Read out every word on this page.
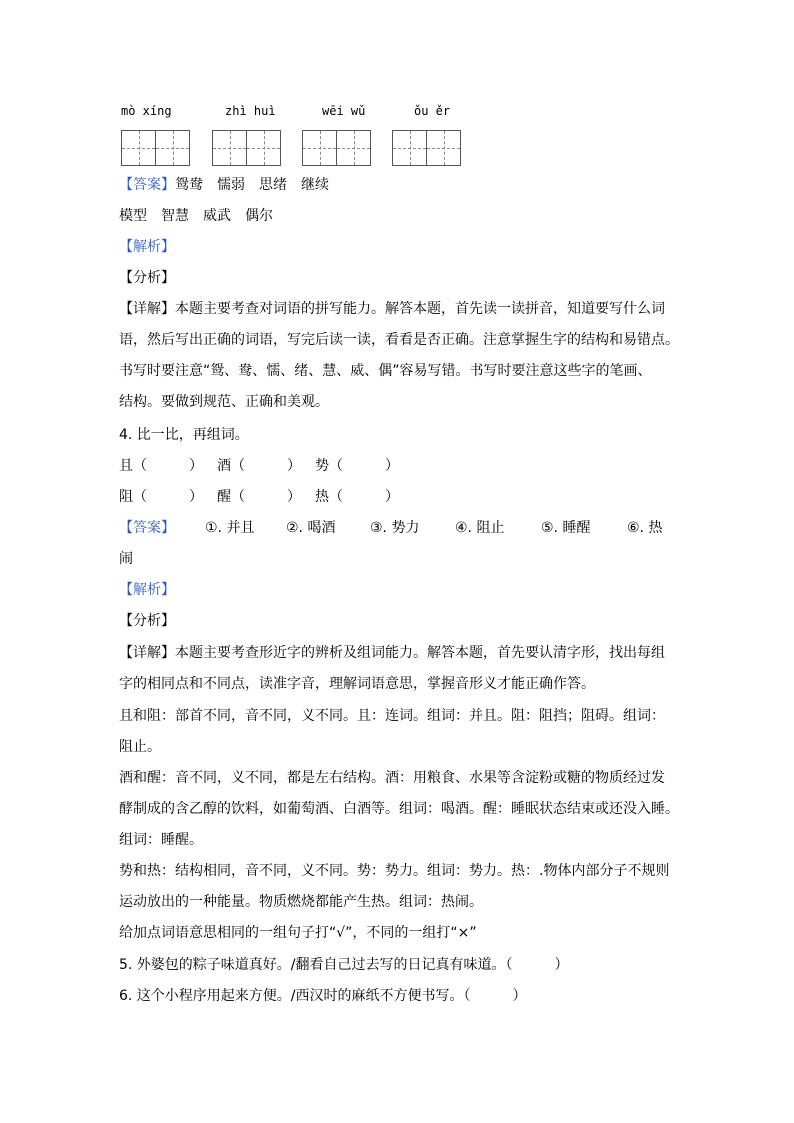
mò xíng	zhì huì	wēi wǔ	ǒu ěr
【答案】鸳鸯　懦弱　思绪　继续
模型　智慧　威武　偶尔
【解析】
【分析】
【详解】本题主要考查对词语的拼写能力。解答本题，首先读一读拼音，知道要写什么词
语，然后写出正确的词语，写完后读一读，看看是否正确。注意掌握生字的结构和易错点。
书写时要注意“鸳、鸯、懦、绪、慧、威、偶”容易写错。书写时要注意这些字的笔画、
结构。要做到规范、正确和美观。
4. 比一比，再组词。
且（　　　） 酒（　　　） 势（　　　）
阻（　　　） 醒（　　　） 热（　　　）
【答案】 ①. 并且 ②. 喝酒 ③. 势力	④. 阻止	⑤. 睡醒	⑥. 热
闹
【解析】
【分析】
【详解】本题主要考查形近字的辨析及组词能力。解答本题，首先要认清字形，找出每组
字的相同点和不同点，读准字音，理解词语意思，掌握音形义才能正确作答。
且和阻：部首不同，音不同，义不同。且：连词。组词：并且。阻：阻挡；阻碍。组词：
阻止。
酒和醒：音不同，义不同，都是左右结构。酒：用粮食、水果等含淀粉或糖的物质经过发
酵制成的含乙醇的饮料，如葡萄酒、白酒等。组词：喝酒。醒：睡眠状态结束或还没入睡。
组词：睡醒。
势和热：结构相同，音不同，义不同。势：势力。组词：势力。热：.物体内部分子不规则
运动放出的一种能量。物质燃烧都能产生热。组词：热闹。
给加点词语意思相同的一组句子打“√”，不同的一组打“×”
5. 外婆包的粽子味道真好。/翻看自己过去写的日记真有味道。（　　　）
6. 这个小程序用起来方便。/西汉时的麻纸不方便书写。（　　　）
